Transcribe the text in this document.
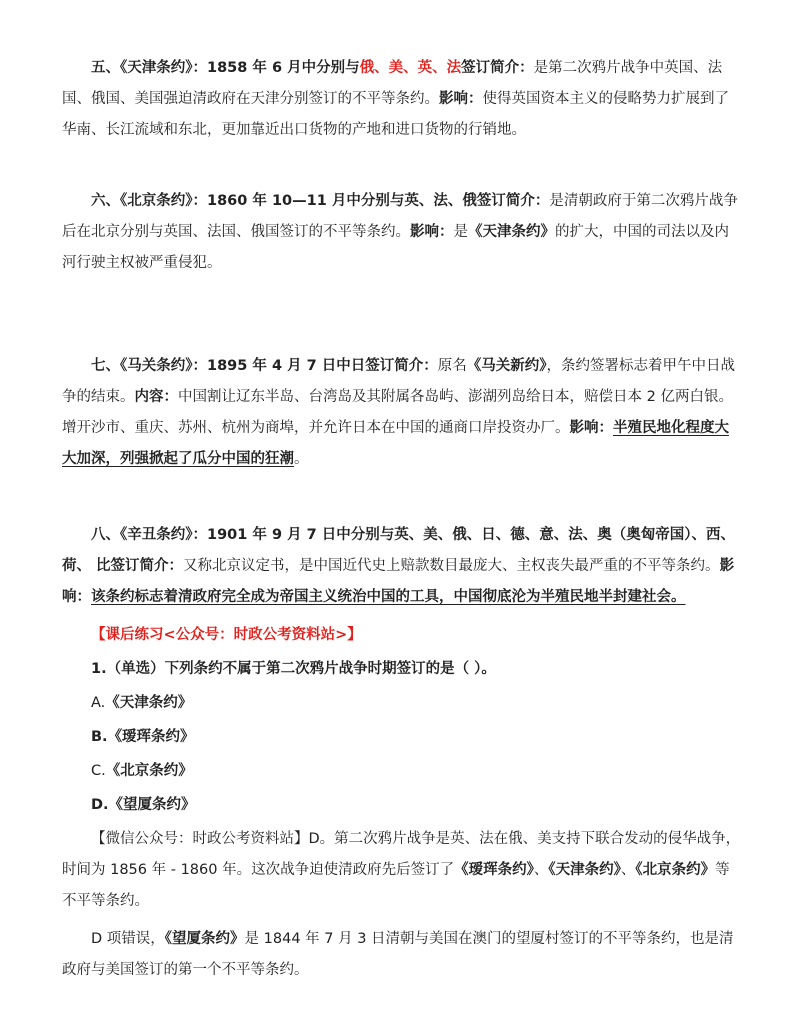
五、《天津条约》：1858 年 6 月中分别与俄、美、英、法签订简介：是第二次鸦片战争中英国、法国、俄国、美国强迫清政府在天津分别签订的不平等条约。影响：使得英国资本主义的侵略势力扩展到了华南、长江流域和东北，更加靠近出口货物的产地和进口货物的行销地。

六、《北京条约》：1860 年 10—11 月中分别与英、法、俄签订简介：是清朝政府于第二次鸦片战争后在北京分别与英国、法国、俄国签订的不平等条约。影响：是《天津条约》的扩大，中国的司法以及内河行驶主权被严重侵犯。

七、《马关条约》：1895 年 4 月 7 日中日签订简介：原名《马关新约》，条约签署标志着甲午中日战争的结束。内容：中国割让辽东半岛、台湾岛及其附属各岛屿、澎湖列岛给日本，赔偿日本 2 亿两白银。增开沙市、重庆、苏州、杭州为商埠，并允许日本在中国的通商口岸投资办厂。影响：半殖民地化程度大大加深，列强掀起了瓜分中国的狂潮。

八、《辛丑条约》：1901 年 9 月 7 日中分别与英、美、俄、日、德、意、法、奥（奥匈帝国）、西、荷、 比签订简介：又称北京议定书，是中国近代史上赔款数目最庞大、主权丧失最严重的不平等条约。影响：该条约标志着清政府完全成为帝国主义统治中国的工具，中国彻底沦为半殖民地半封建社会。

【课后练习<公众号：时政公考资料站>】
1.（单选）下列条约不属于第二次鸦片战争时期签订的是（ ）。
A.《天津条约》
B.《瑷珲条约》
C.《北京条约》
D.《望厦条约》

【微信公众号：时政公考资料站】D。第二次鸦片战争是英、法在俄、美支持下联合发动的侵华战争，时间为 1856 年 - 1860 年。这次战争迫使清政府先后签订了《瑷珲条约》、《天津条约》、《北京条约》等不平等条约。

D 项错误，《望厦条约》是 1844 年 7 月 3 日清朝与美国在澳门的望厦村签订的不平等条约，也是清政府与美国签订的第一个不平等条约。
